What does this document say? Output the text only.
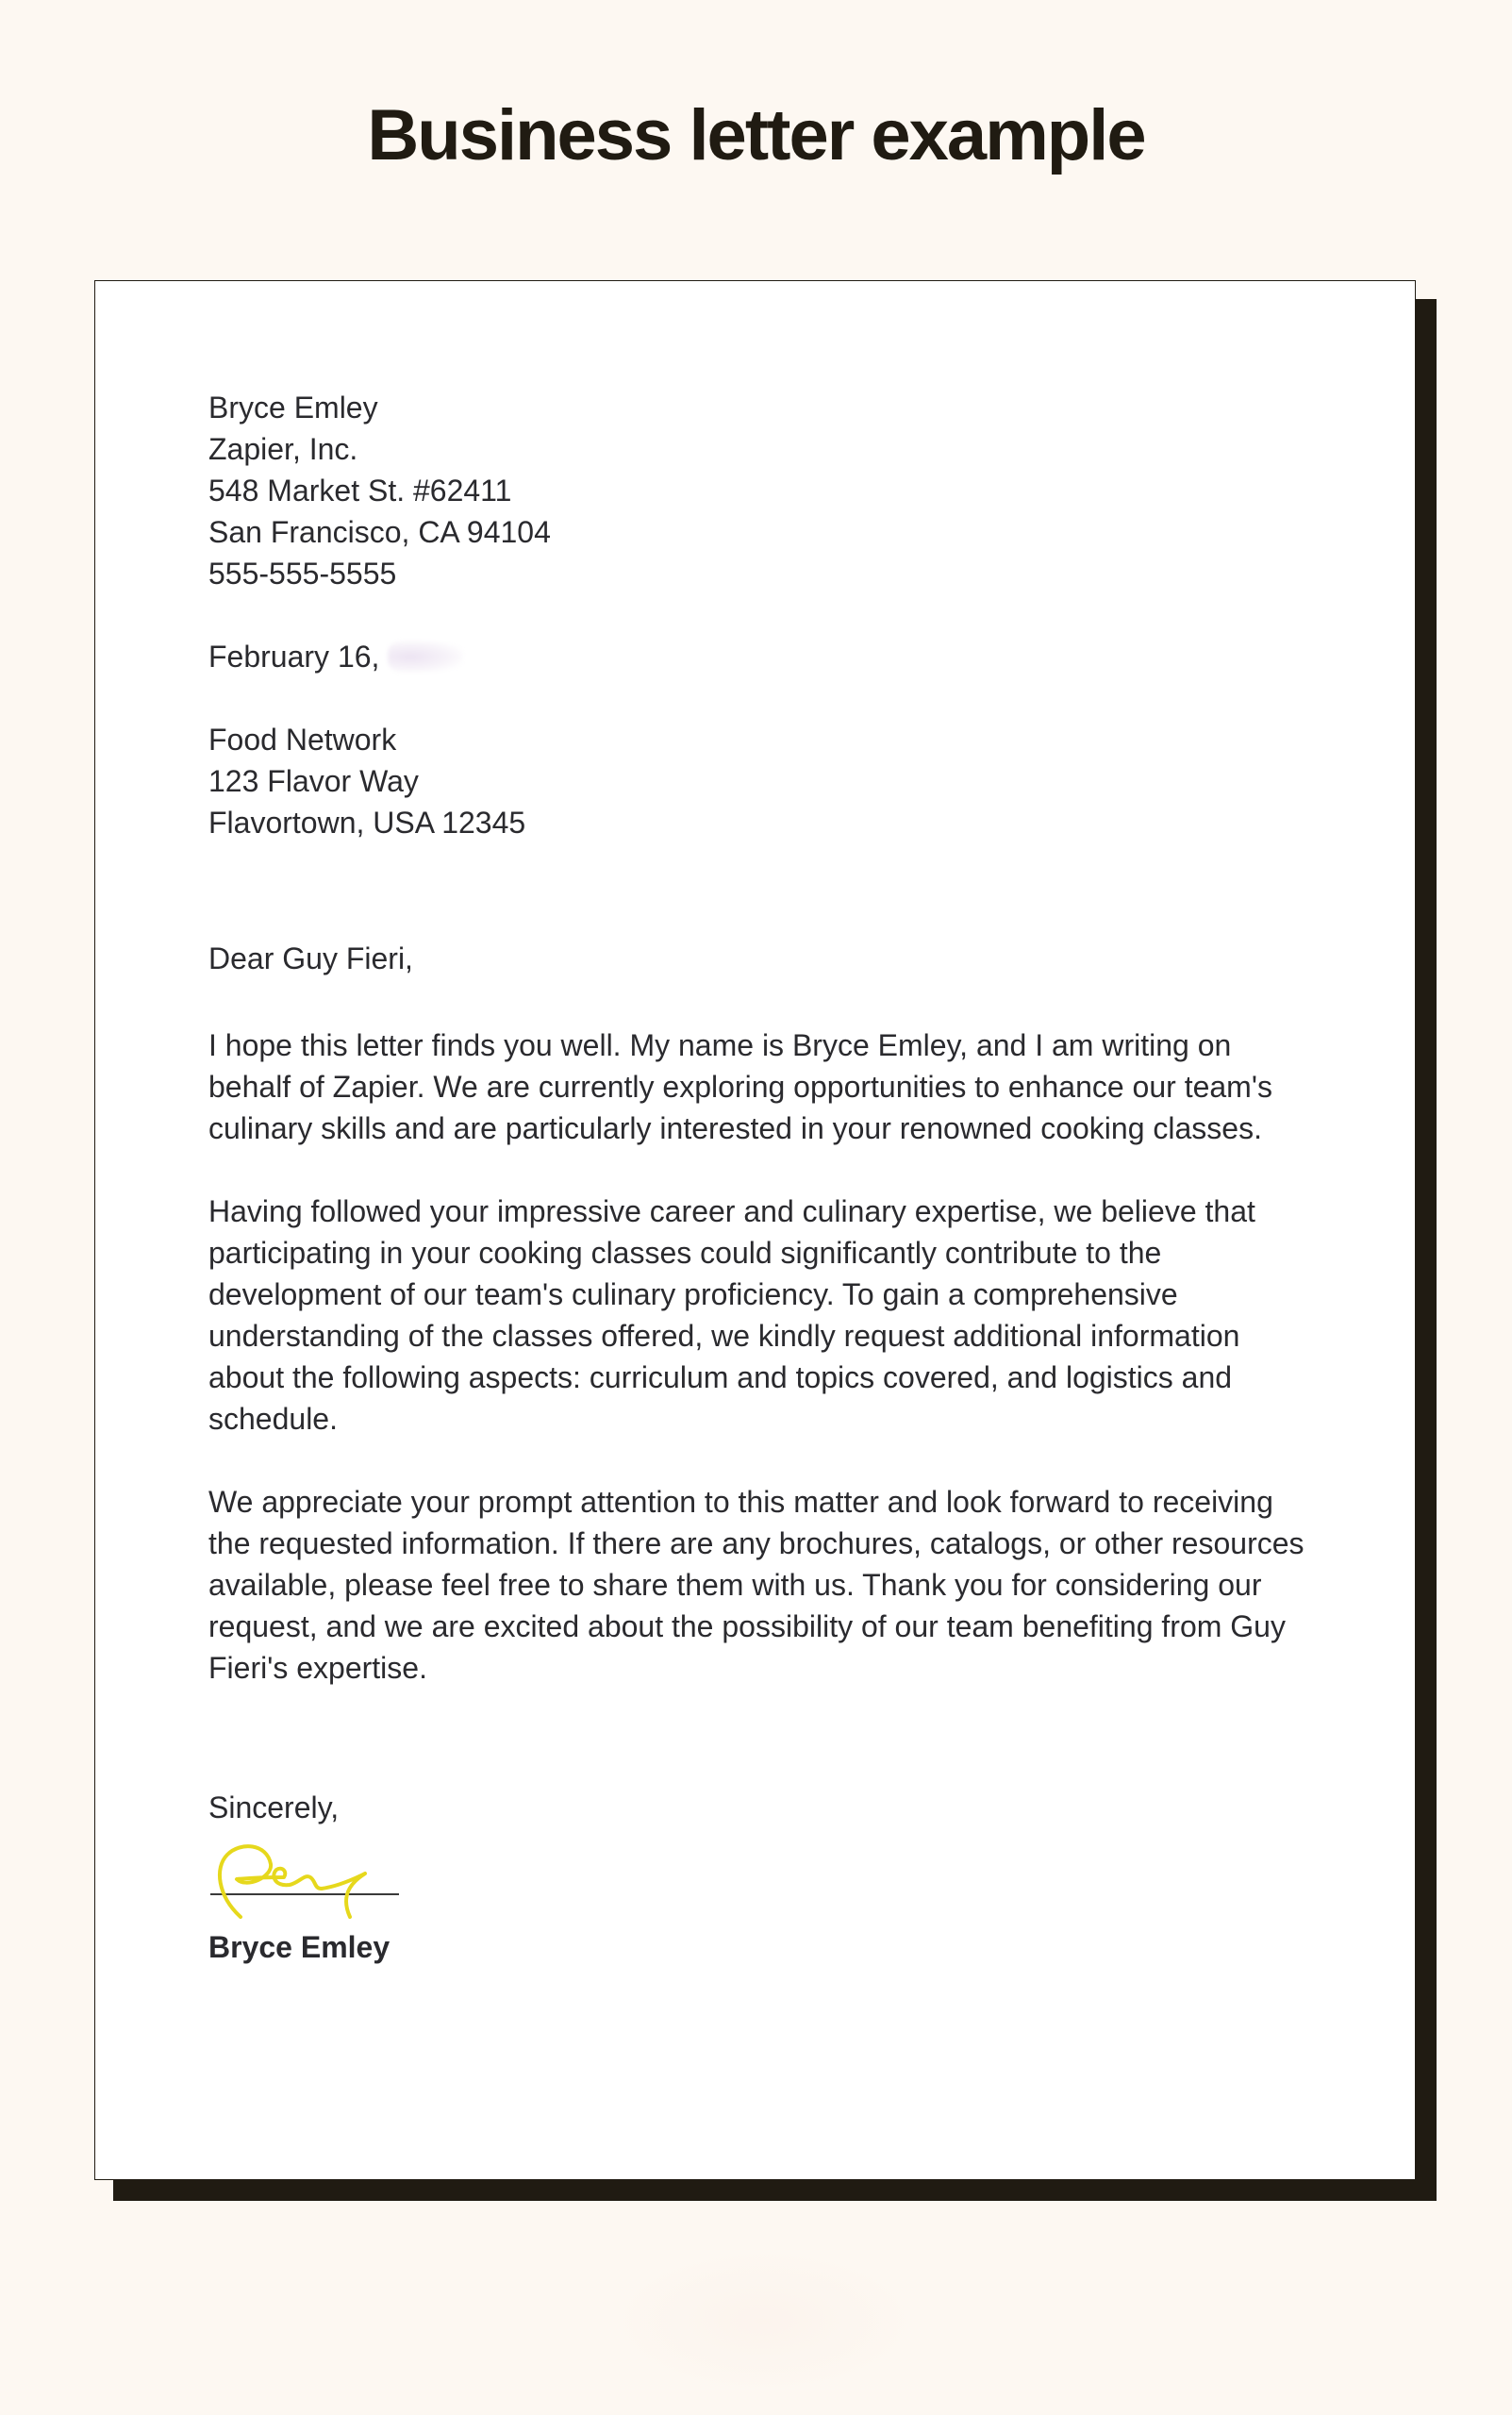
Business letter example
Bryce Emley
Zapier, Inc.
548 Market St. #62411
San Francisco, CA 94104
555-555-5555
February 16,
Food Network
123 Flavor Way
Flavortown, USA 12345

Dear Guy Fieri,

I hope this letter finds you well. My name is Bryce Emley, and I am writing on behalf of Zapier. We are currently exploring opportunities to enhance our team's culinary skills and are particularly interested in your renowned cooking classes.

Having followed your impressive career and culinary expertise, we believe that participating in your cooking classes could significantly contribute to the development of our team's culinary proficiency. To gain a comprehensive understanding of the classes offered, we kindly request additional information about the following aspects: curriculum and topics covered, and logistics and schedule.

We appreciate your prompt attention to this matter and look forward to receiving the requested information. If there are any brochures, catalogs, or other resources available, please feel free to share them with us. Thank you for considering our request, and we are excited about the possibility of our team benefiting from Guy Fieri's expertise.

Sincerely,

Bryce Emley
